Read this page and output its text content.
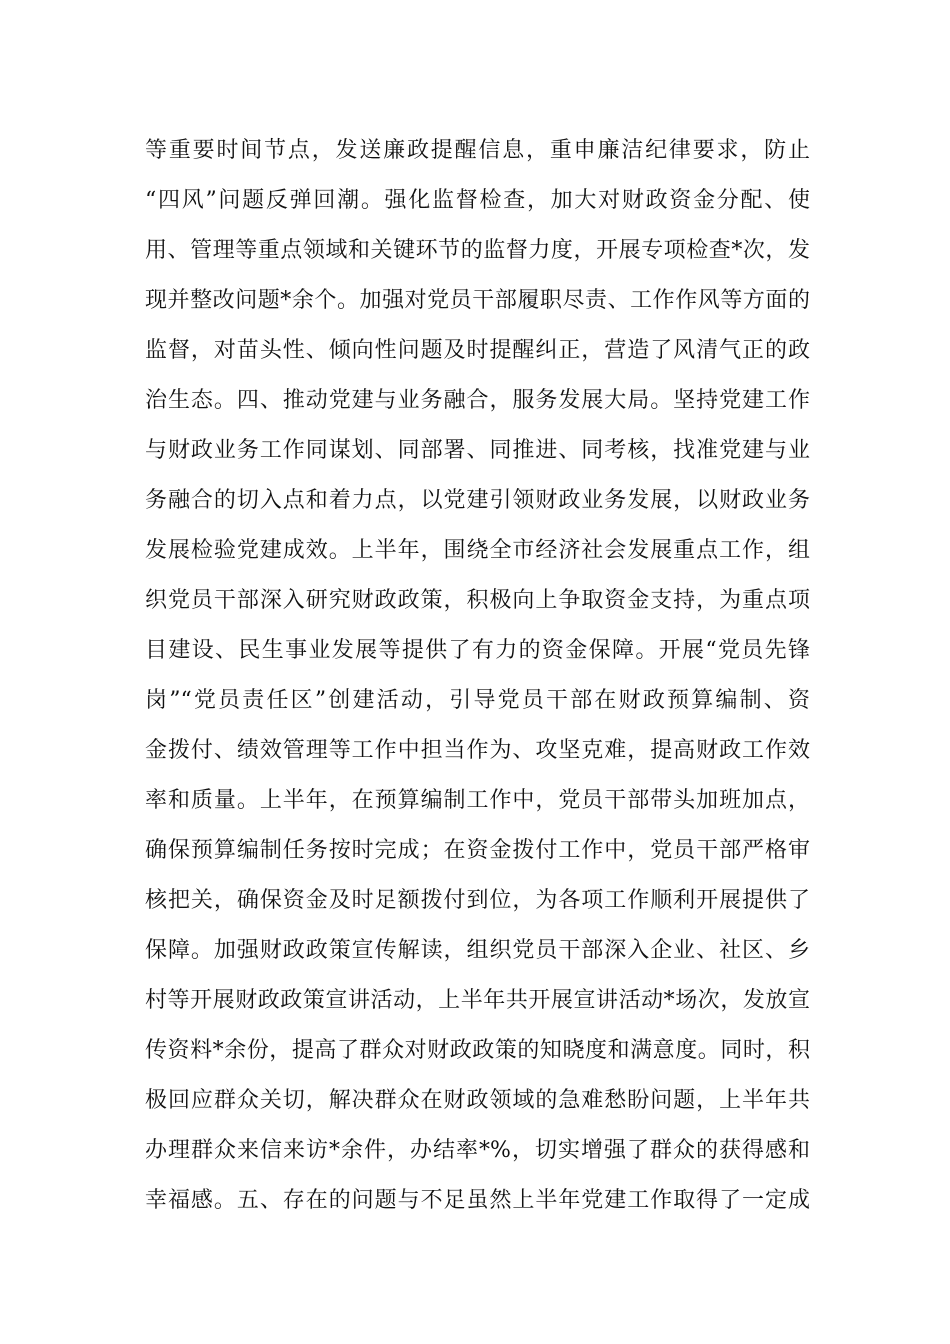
等重要时间节点，发送廉政提醒信息，重申廉洁纪律要求，防止
“四风”问题反弹回潮。强化监督检查，加大对财政资金分配、使
用、管理等重点领域和关键环节的监督力度，开展专项检查*次，发
现并整改问题*余个。加强对党员干部履职尽责、工作作风等方面的
监督，对苗头性、倾向性问题及时提醒纠正，营造了风清气正的政
治生态。四、推动党建与业务融合，服务发展大局。坚持党建工作
与财政业务工作同谋划、同部署、同推进、同考核，找准党建与业
务融合的切入点和着力点，以党建引领财政业务发展，以财政业务
发展检验党建成效。上半年，围绕全市经济社会发展重点工作，组
织党员干部深入研究财政政策，积极向上争取资金支持，为重点项
目建设、民生事业发展等提供了有力的资金保障。开展“党员先锋
岗”“党员责任区”创建活动，引导党员干部在财政预算编制、资
金拨付、绩效管理等工作中担当作为、攻坚克难，提高财政工作效
率和质量。上半年，在预算编制工作中，党员干部带头加班加点，
确保预算编制任务按时完成；在资金拨付工作中，党员干部严格审
核把关，确保资金及时足额拨付到位，为各项工作顺利开展提供了
保障。加强财政政策宣传解读，组织党员干部深入企业、社区、乡
村等开展财政政策宣讲活动，上半年共开展宣讲活动*场次，发放宣
传资料*余份，提高了群众对财政政策的知晓度和满意度。同时，积
极回应群众关切，解决群众在财政领域的急难愁盼问题，上半年共
办理群众来信来访*余件，办结率*%，切实增强了群众的获得感和
幸福感。五、存在的问题与不足虽然上半年党建工作取得了一定成
